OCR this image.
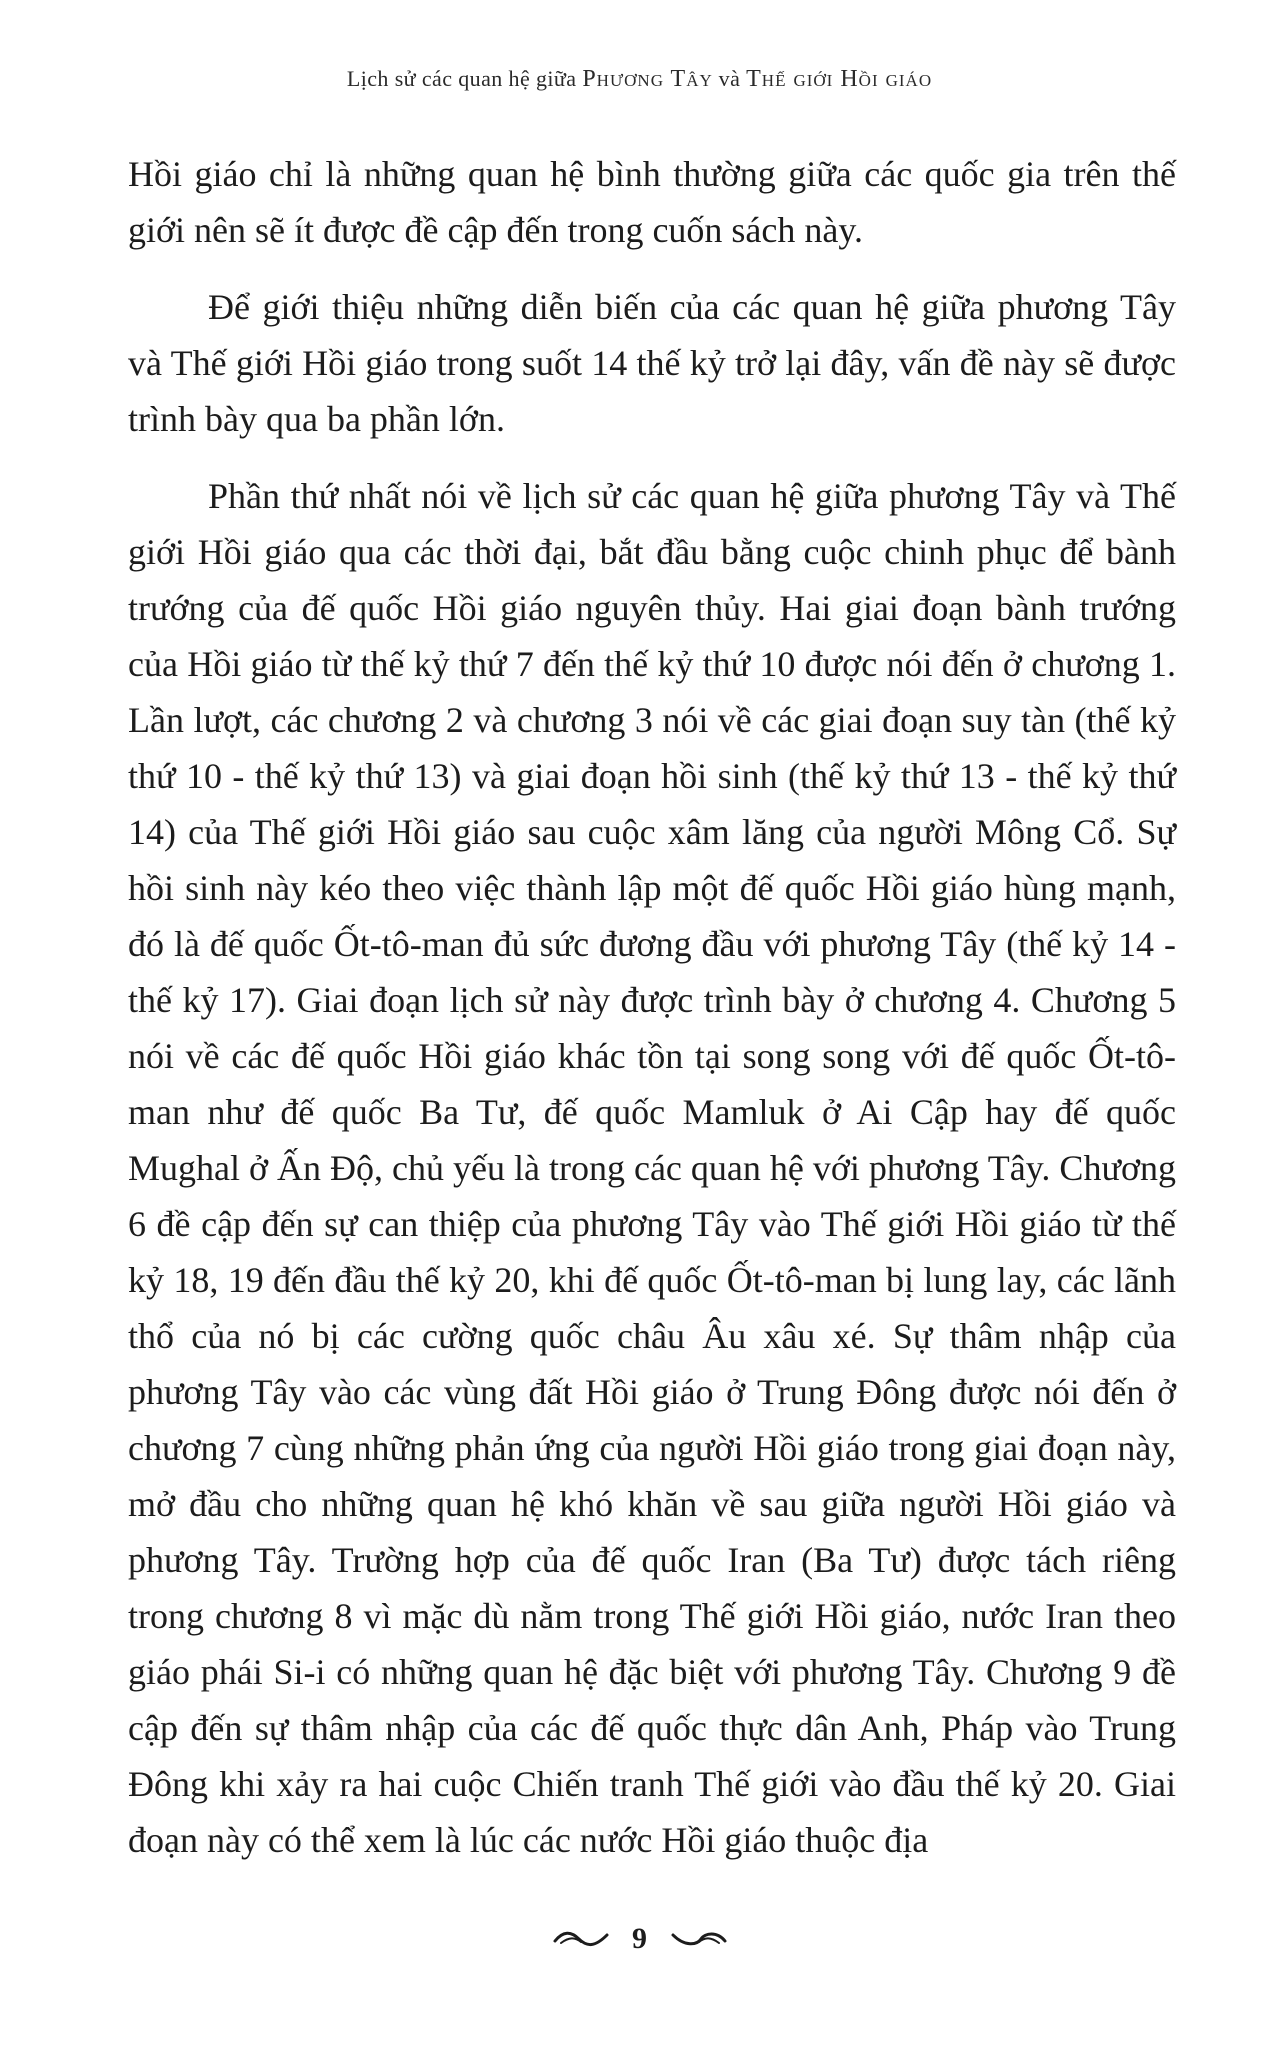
Lịch sử các quan hệ giữa Phương Tây và Thế giới Hồi giáo

Hồi giáo chỉ là những quan hệ bình thường giữa các quốc gia trên thế giới nên sẽ ít được đề cập đến trong cuốn sách này.

Để giới thiệu những diễn biến của các quan hệ giữa phương Tây và Thế giới Hồi giáo trong suốt 14 thế kỷ trở lại đây, vấn đề này sẽ được trình bày qua ba phần lớn.

Phần thứ nhất nói về lịch sử các quan hệ giữa phương Tây và Thế giới Hồi giáo qua các thời đại, bắt đầu bằng cuộc chinh phục để bành trướng của đế quốc Hồi giáo nguyên thủy. Hai giai đoạn bành trướng của Hồi giáo từ thế kỷ thứ 7 đến thế kỷ thứ 10 được nói đến ở chương 1. Lần lượt, các chương 2 và chương 3 nói về các giai đoạn suy tàn (thế kỷ thứ 10 - thế kỷ thứ 13) và giai đoạn hồi sinh (thế kỷ thứ 13 - thế kỷ thứ 14) của Thế giới Hồi giáo sau cuộc xâm lăng của người Mông Cổ. Sự hồi sinh này kéo theo việc thành lập một đế quốc Hồi giáo hùng mạnh, đó là đế quốc Ốt-tô-man đủ sức đương đầu với phương Tây (thế kỷ 14 - thế kỷ 17). Giai đoạn lịch sử này được trình bày ở chương 4. Chương 5 nói về các đế quốc Hồi giáo khác tồn tại song song với đế quốc Ốt-tô-man như đế quốc Ba Tư, đế quốc Mamluk ở Ai Cập hay đế quốc Mughal ở Ấn Độ, chủ yếu là trong các quan hệ với phương Tây. Chương 6 đề cập đến sự can thiệp của phương Tây vào Thế giới Hồi giáo từ thế kỷ 18, 19 đến đầu thế kỷ 20, khi đế quốc Ốt-tô-man bị lung lay, các lãnh thổ của nó bị các cường quốc châu Âu xâu xé. Sự thâm nhập của phương Tây vào các vùng đất Hồi giáo ở Trung Đông được nói đến ở chương 7 cùng những phản ứng của người Hồi giáo trong giai đoạn này, mở đầu cho những quan hệ khó khăn về sau giữa người Hồi giáo và phương Tây. Trường hợp của đế quốc Iran (Ba Tư) được tách riêng trong chương 8 vì mặc dù nằm trong Thế giới Hồi giáo, nước Iran theo giáo phái Si-i có những quan hệ đặc biệt với phương Tây. Chương 9 đề cập đến sự thâm nhập của các đế quốc thực dân Anh, Pháp vào Trung Đông khi xảy ra hai cuộc Chiến tranh Thế giới vào đầu thế kỷ 20. Giai đoạn này có thể xem là lúc các nước Hồi giáo thuộc địa

9
